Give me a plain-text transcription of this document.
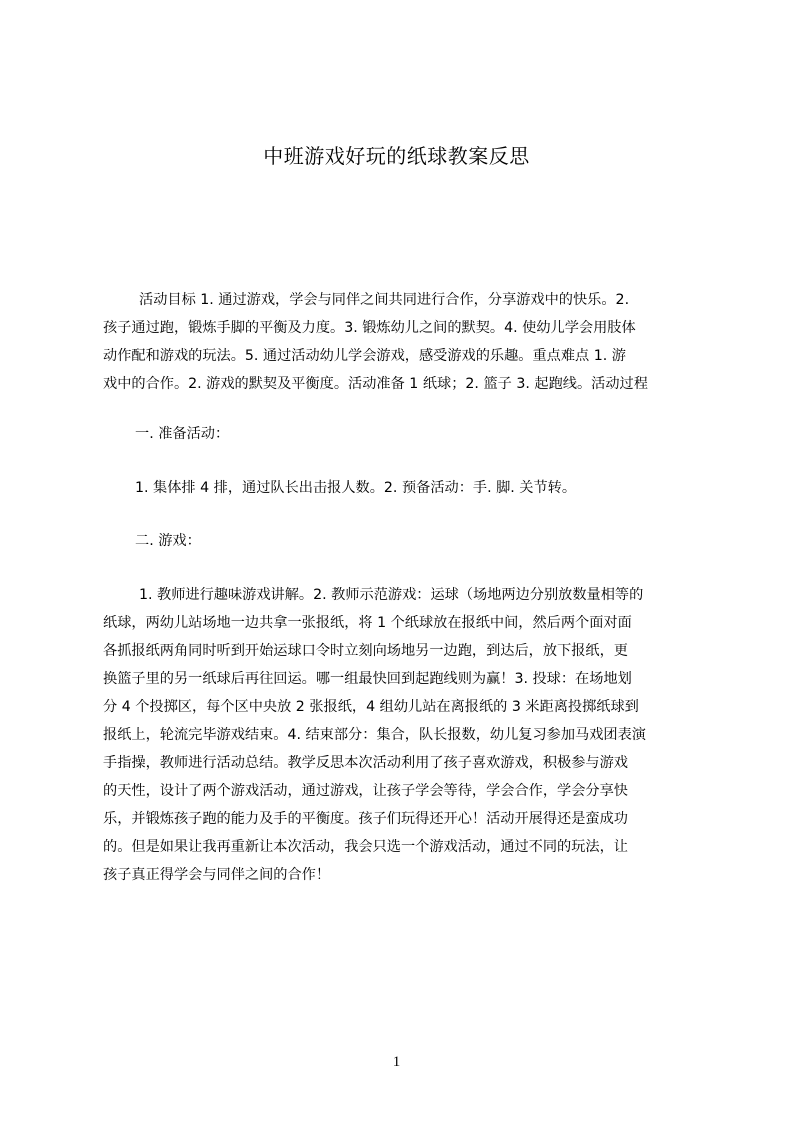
中班游戏好玩的纸球教案反思
活动目标 1. 通过游戏，学会与同伴之间共同进行合作，分享游戏中的快乐。2.
孩子通过跑，锻炼手脚的平衡及力度。3. 锻炼幼儿之间的默契。4. 使幼儿学会用肢体
动作配和游戏的玩法。5. 通过活动幼儿学会游戏，感受游戏的乐趣。重点难点 1. 游
戏中的合作。2. 游戏的默契及平衡度。活动准备 1 纸球；2. 篮子 3. 起跑线。活动过程
一. 准备活动：
1. 集体排 4 排，通过队长出击报人数。2. 预备活动：手. 脚. 关节转。
二. 游戏：
1. 教师进行趣味游戏讲解。2. 教师示范游戏：运球（场地两边分别放数量相等的
纸球，两幼儿站场地一边共拿一张报纸，将 1 个纸球放在报纸中间，然后两个面对面
各抓报纸两角同时听到开始运球口令时立刻向场地另一边跑，到达后，放下报纸，更
换篮子里的另一纸球后再往回运。哪一组最快回到起跑线则为赢！3. 投球：在场地划
分 4 个投掷区，每个区中央放 2 张报纸，4 组幼儿站在离报纸的 3 米距离投掷纸球到
报纸上，轮流完毕游戏结束。4. 结束部分：集合，队长报数，幼儿复习参加马戏团表演
手指操，教师进行活动总结。教学反思本次活动利用了孩子喜欢游戏，积极参与游戏
的天性，设计了两个游戏活动，通过游戏，让孩子学会等待，学会合作，学会分享快
乐，并锻炼孩子跑的能力及手的平衡度。孩子们玩得还开心！活动开展得还是蛮成功
的。但是如果让我再重新让本次活动，我会只选一个游戏活动，通过不同的玩法，让
孩子真正得学会与同伴之间的合作！
1
